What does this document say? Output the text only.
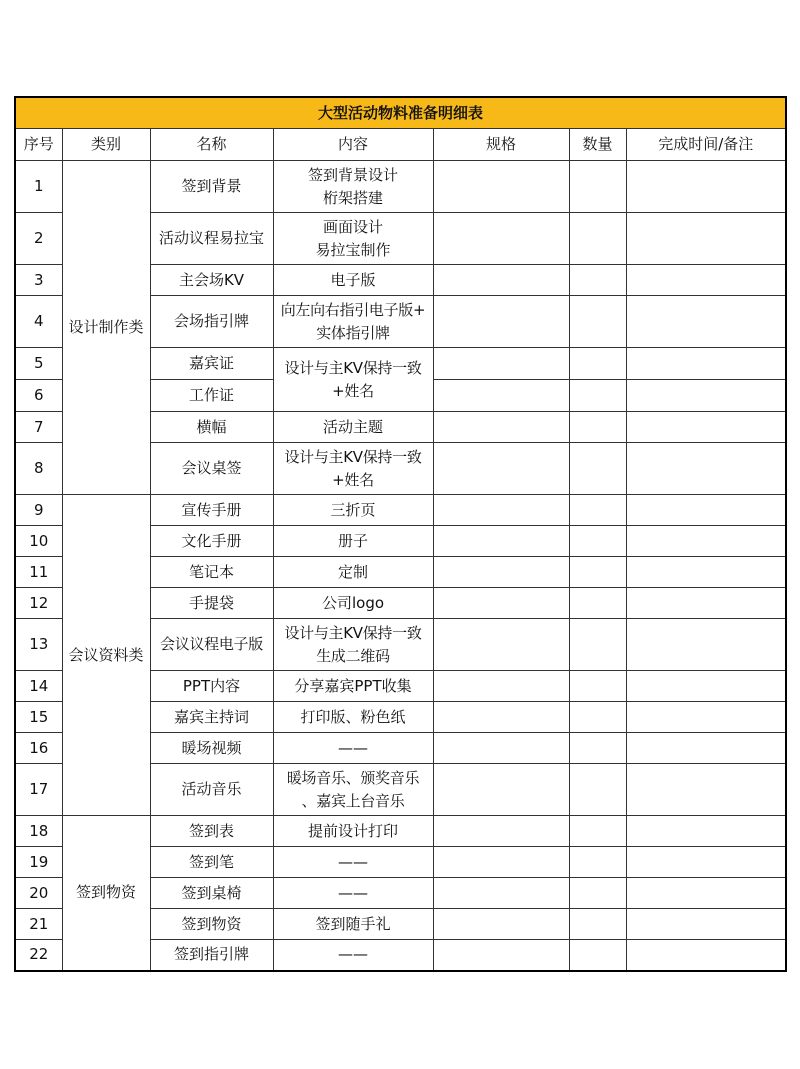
大型活动物料准备明细表						
序号	类别	名称	内容	规格	数量	完成时间/备注
1	设计制作类	签到背景	签到背景设计
桁架搭建			
2		活动议程易拉宝	画面设计
易拉宝制作			
3		主会场KV	电子版			
4		会场指引牌	向左向右指引电子版+
实体指引牌			
5		嘉宾证	设计与主KV保持一致
+姓名			
6		工作证				
7		横幅	活动主题			
8		会议桌签	设计与主KV保持一致
+姓名			
9	会议资料类	宣传手册	三折页			
10		文化手册	册子			
11		笔记本	定制			
12		手提袋	公司logo			
13		会议议程电子版	设计与主KV保持一致
生成二维码			
14		PPT内容	分享嘉宾PPT收集			
15		嘉宾主持词	打印版、粉色纸			
16		暖场视频	——			
17		活动音乐	暖场音乐、颁奖音乐
、嘉宾上台音乐			
18	签到物资	签到表	提前设计打印			
19		签到笔	——			
20		签到桌椅	——			
21		签到物资	签到随手礼			
22		签到指引牌	——			
